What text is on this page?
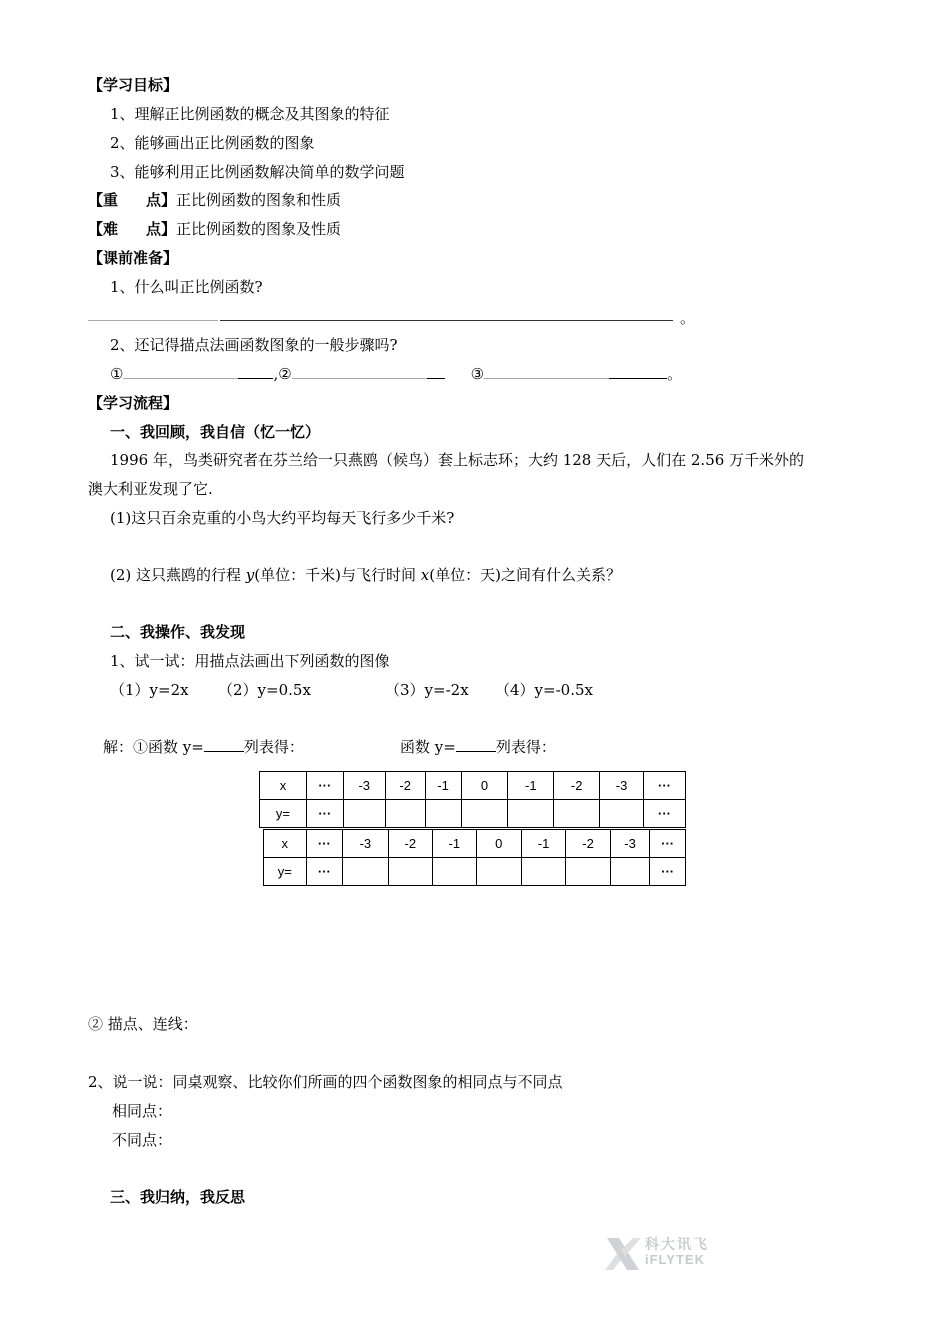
【学习目标】
1、理解正比例函数的概念及其图象的特征
2、能够画出正比例函数的图象
3、能够利用正比例函数解决简单的数学问题
【重 点】正比例函数的图象和性质
【难 点】正比例函数的图象及性质
【课前准备】
1、什么叫正比例函数?
。
2、还记得描点法画函数图象的一般步骤吗?
①	,②	③	。
【学习流程】
一、我回顾，我自信（忆一忆）
1996 年，鸟类研究者在芬兰给一只燕鸥（候鸟）套上标志环；大约 128 天后，人们在 2.56 万千米外的
澳大利亚发现了它.
(1)这只百余克重的小鸟大约平均每天飞行多少千米?
(2) 这只燕鸥的行程 y(单位：千米)与飞行时间 x(单位：天)之间有什么关系？
二、我操作、我发现
1、试一试：用描点法画出下列函数的图像
（1）y=2x （2）y=0.5x	（3）y=-2x （4）y=-0.5x
解：①函数 y=	列表得：	函数 y=	列表得：
x	···	-3	-2	-1	0	-1	-2	-3	···
y=	···								···
x	···	-3	-2	-1	0	-1	-2	-3	···
y=	···								···
② 描点、连线：
2、说一说：同桌观察、比较你们所画的四个函数图象的相同点与不同点
相同点：
不同点：
三、我归纳，我反思
科大讯飞
iFLYTEK
